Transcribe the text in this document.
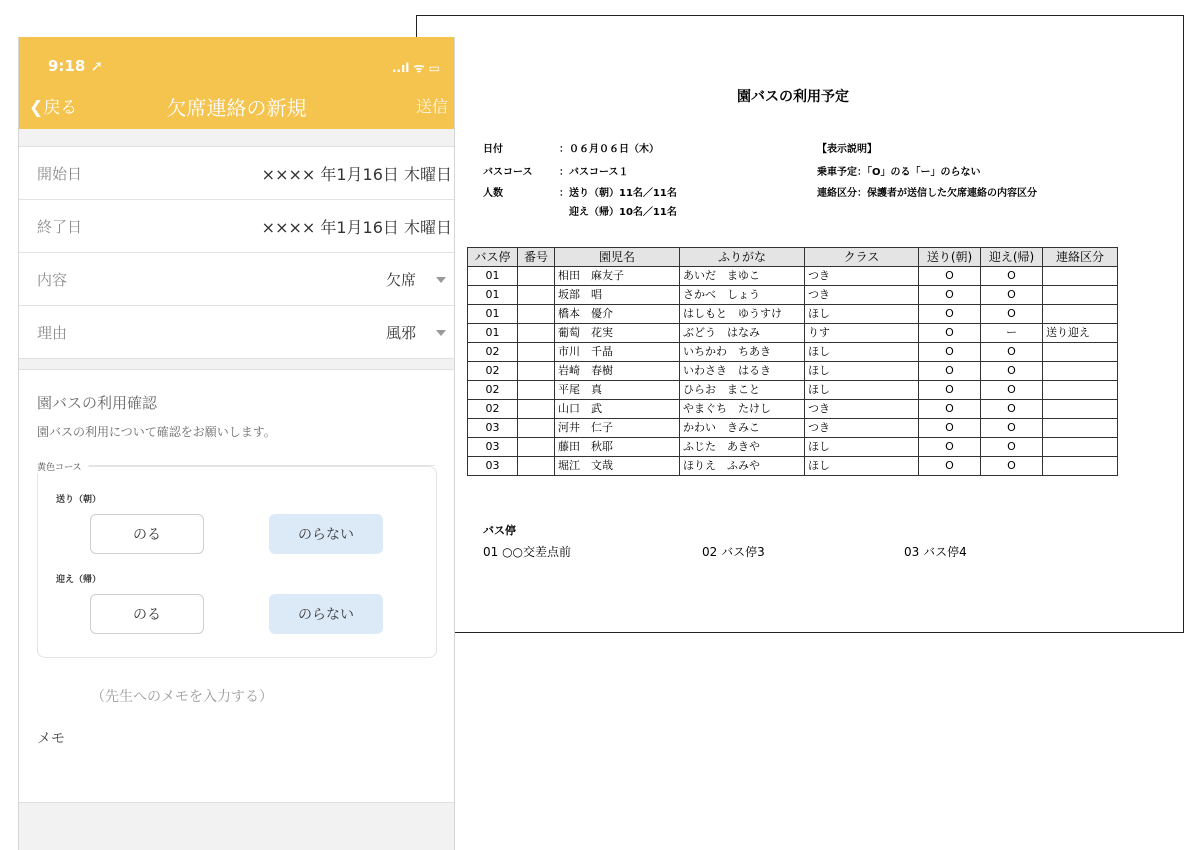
園バスの利用予定
日付	：０６月０６日（木）
バスコース	：バスコース１
人数	：送り（朝）11名／11名
迎え（帰）10名／11名
【表示説明】
乗車予定：「O」のる「ー」のらない
連絡区分：保護者が送信した欠席連絡の内容区分
バス停	番号	園児名	ふりがな	クラス	送り(朝)	迎え(帰)	連絡区分
01		相田　麻友子	あいだ　まゆこ	つき	O	O	
01		坂部　唱	さかべ　しょう	つき	O	O	
01		橋本　優介	はしもと　ゆうすけ	ほし	O	O	
01		葡萄　花実	ぶどう　はなみ	りす	O	ー	送り迎え
02		市川　千晶	いちかわ　ちあき	ほし	O	O	
02		岩崎　春樹	いわさき　はるき	ほし	O	O	
02		平尾　真	ひらお　まこと	ほし	O	O	
02		山口　武	やまぐち　たけし	つき	O	O	
03		河井　仁子	かわい　きみこ	つき	O	O	
03		藤田　秋耶	ふじた　あきや	ほし	O	O	
03		堀江　文哉	ほりえ　ふみや	ほし	O	O	
バス停
01 ○○交差点前	02 バス停3	03 バス停4
9:18 ➚	..ıl ᯤ ▭
欠席連絡の新規
❮戻る	送信
開始日	×××× 年1月16日 木曜日
終了日	×××× 年1月16日 木曜日
内容	欠席
理由	風邪
園バスの利用確認
園バスの利用について確認をお願いします。
黄色コース
送り（朝）
のる	のらない
迎え（帰）
のる	のらない
（先生へのメモを入力する）
メモ
